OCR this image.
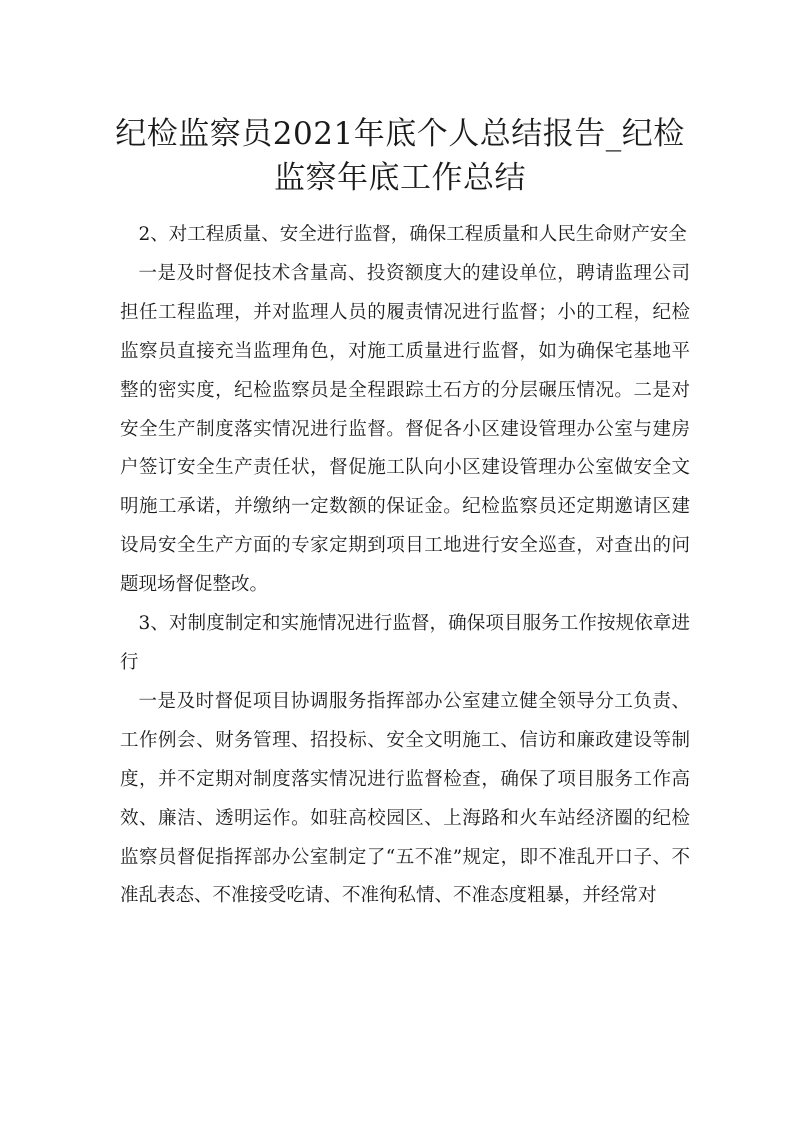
纪检监察员2021年底个人总结报告_纪检监察年底工作总结

2、对工程质量、安全进行监督，确保工程质量和人民生命财产安全

一是及时督促技术含量高、投资额度大的建设单位，聘请监理公司担任工程监理，并对监理人员的履责情况进行监督；小的工程，纪检监察员直接充当监理角色，对施工质量进行监督，如为确保宅基地平整的密实度，纪检监察员是全程跟踪土石方的分层碾压情况。二是对安全生产制度落实情况进行监督。督促各小区建设管理办公室与建房户签订安全生产责任状，督促施工队向小区建设管理办公室做安全文明施工承诺，并缴纳一定数额的保证金。纪检监察员还定期邀请区建设局安全生产方面的专家定期到项目工地进行安全巡查，对查出的问题现场督促整改。

3、对制度制定和实施情况进行监督，确保项目服务工作按规依章进行

一是及时督促项目协调服务指挥部办公室建立健全领导分工负责、工作例会、财务管理、招投标、安全文明施工、信访和廉政建设等制度，并不定期对制度落实情况进行监督检查，确保了项目服务工作高效、廉洁、透明运作。如驻高校园区、上海路和火车站经济圈的纪检监察员督促指挥部办公室制定了“五不准”规定，即不准乱开口子、不准乱表态、不准接受吃请、不准徇私情、不准态度粗暴，并经常对
